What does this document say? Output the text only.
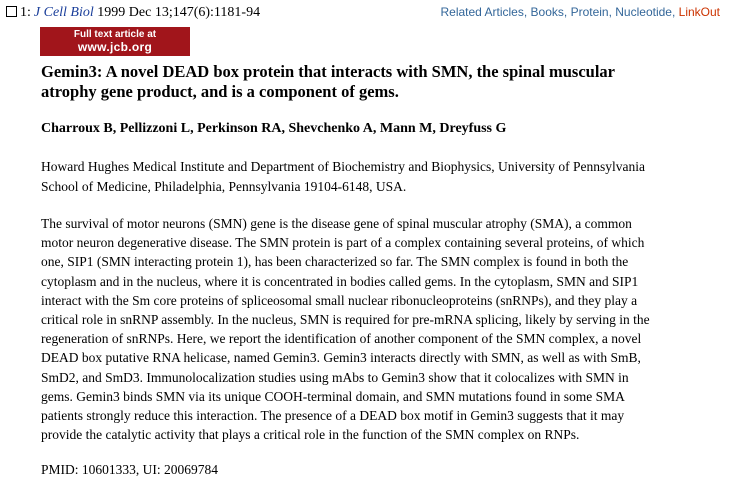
1: J Cell Biol 1999 Dec 13;147(6):1181-94	Related Articles, Books, Protein, Nucleotide, LinkOut
Full text article at
www.jcb.org
Gemin3: A novel DEAD box protein that interacts with SMN, the spinal muscular
atrophy gene product, and is a component of gems.
Charroux B, Pellizzoni L, Perkinson RA, Shevchenko A, Mann M, Dreyfuss G
Howard Hughes Medical Institute and Department of Biochemistry and Biophysics, University of Pennsylvania
School of Medicine, Philadelphia, Pennsylvania 19104-6148, USA.
The survival of motor neurons (SMN) gene is the disease gene of spinal muscular atrophy (SMA), a common
motor neuron degenerative disease. The SMN protein is part of a complex containing several proteins, of which
one, SIP1 (SMN interacting protein 1), has been characterized so far. The SMN complex is found in both the
cytoplasm and in the nucleus, where it is concentrated in bodies called gems. In the cytoplasm, SMN and SIP1
interact with the Sm core proteins of spliceosomal small nuclear ribonucleoproteins (snRNPs), and they play a
critical role in snRNP assembly. In the nucleus, SMN is required for pre-mRNA splicing, likely by serving in the
regeneration of snRNPs. Here, we report the identification of another component of the SMN complex, a novel
DEAD box putative RNA helicase, named Gemin3. Gemin3 interacts directly with SMN, as well as with SmB,
SmD2, and SmD3. Immunolocalization studies using mAbs to Gemin3 show that it colocalizes with SMN in
gems. Gemin3 binds SMN via its unique COOH-terminal domain, and SMN mutations found in some SMA
patients strongly reduce this interaction. The presence of a DEAD box motif in Gemin3 suggests that it may
provide the catalytic activity that plays a critical role in the function of the SMN complex on RNPs.
PMID: 10601333, UI: 20069784
